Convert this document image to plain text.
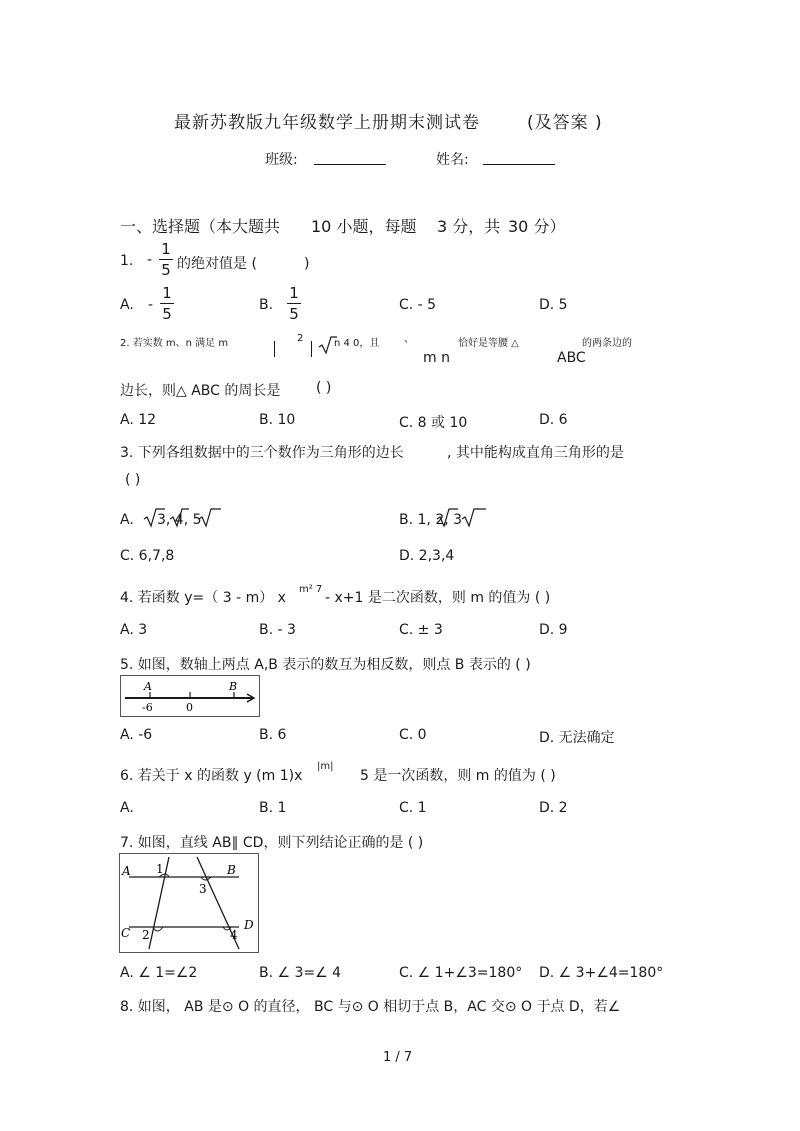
最新苏教版九年级数学上册期末测试卷	(及答案 )
班级:	姓名:
一、选择题（本大题共 10 小题，每题 3 分，共 30 分）
1. -
1
5 的绝对值是 (	)
A. -
1
5	B.
1
5	C. - 5	D. 5
2. 若实数 m、n 满足 m	2	n 4 0，且 、	恰好是等腰 △	的两条边的
m n	ABC
边长，则△ ABC 的周长是	( )
A. 12	B. 10	C. 8 或 10	D. 6
3. 下列各组数据中的三个数作为三角形的边长	, 其中能构成直角三角形的是
( )
A. 3, 4, 5	B. 1, 2, 3
C. 6,7,8	D. 2,3,4
4. 若函数 y=（ 3 - m） x
m² 7
- x+1 是二次函数，则 m 的值为 ( )
A. 3	B. - 3	C. ± 3	D. 9
5. 如图，数轴上两点 A,B 表示的数互为相反数，则点 B 表示的 ( )
A	B
-6	0
A. -6	B. 6	C. 0	D. 无法确定
6. 若关于 x 的函数 y (m 1)x
|m|
5 是一次函数，则 m 的值为 ( )
A.	B. 1	C. 1	D. 2
7. 如图，直线 AB∥ CD，则下列结论正确的是 ( )
A	B
C
D
1
2
3
4
A. ∠ 1=∠2	B. ∠ 3=∠ 4	C. ∠ 1+∠3=180° D. ∠ 3+∠4=180°
8. 如图， AB 是⊙ O 的直径， BC 与⊙ O 相切于点 B，AC 交⊙ O 于点 D，若∠
1 / 7
